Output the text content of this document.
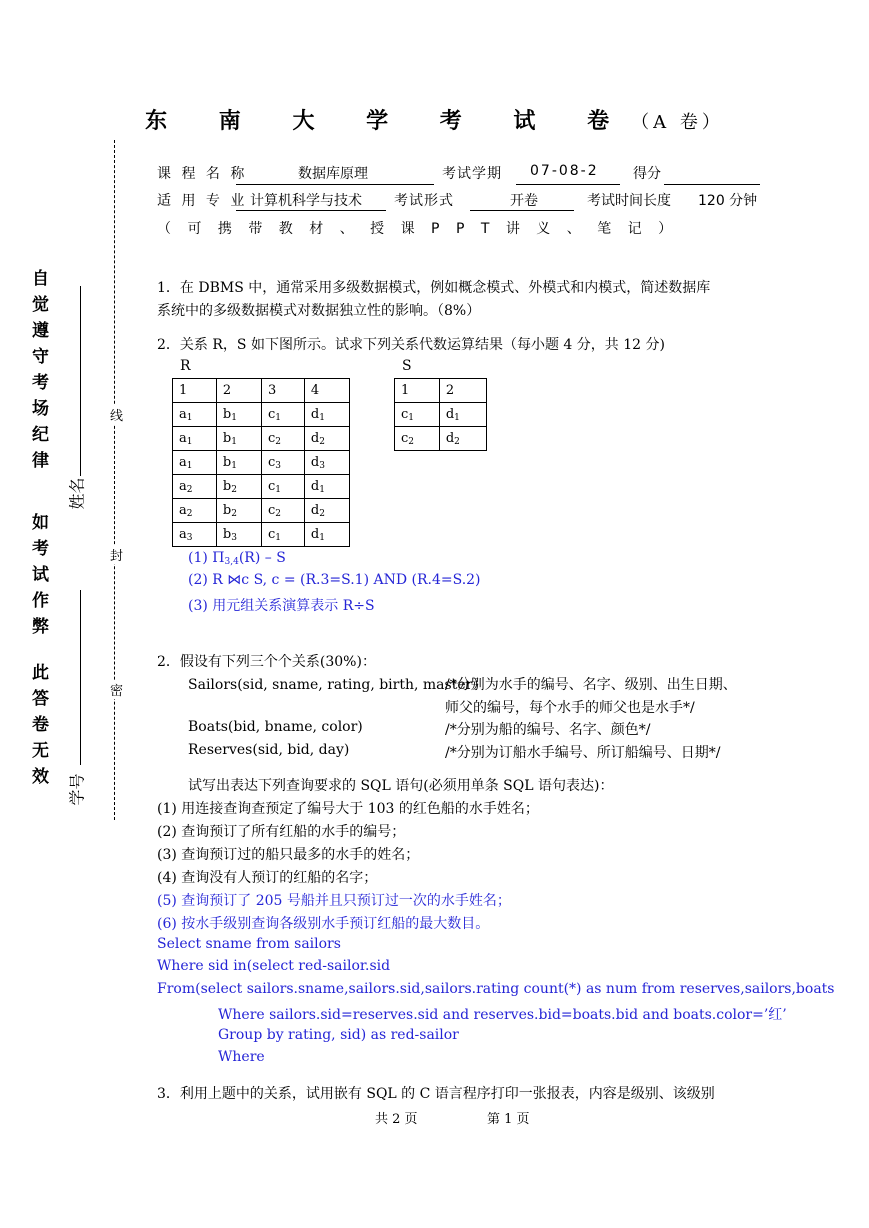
东 南 大 学 考 试 卷（A 卷）
课 程 名 称	数据库原理	考试学期 07-08-2 得分
适 用 专 业 计算机科学与技术 考试形式	开卷	考试时间长度 120 分钟
（ 可 携 带 教 材 、 授 课 P P T 讲 义 、 笔 记 ）
线
封
密
自
觉
遵
守
考
场
纪
律
如
考
试
作
弊
此
答
卷
无
效
姓名
学号
1．在 DBMS 中，通常采用多级数据模式，例如概念模式、外模式和内模式，简述数据库
系统中的多级数据模式对数据独立性的影响。（8%）
2．关系 R，S 如下图所示。试求下列关系代数运算结果（每小题 4 分，共 12 分)
R	S
1	2	3	4
$a_1$	$b_1$	$c_1$	$d_1$
$a_1$	$b_1$	$c_2$	$d_2$
$a_1$	$b_1$	$c_3$	$d_3$
$a_2$	$b_2$	$c_1$	$d_1$
$a_2$	$b_2$	$c_2$	$d_2$
$a_3$	$b_3$	$c_1$	$d_1$
1	2
$c_1$	$d_1$
$c_2$	$d_2$
(1) $\Pi_{3,4}(R)$ – S
(2) R ⋈c S, c = (R.3=S.1) AND (R.4=S.2)
(3) 用元组关系演算表示 R÷S
2．假设有下列三个个关系(30%)：
Sailors(sid, sname, rating, birth, master）
/*分别为水手的编号、名字、级别、出生日期、
师父的编号，每个水手的师父也是水手*/
Boats(bid, bname, color)	/*分别为船的编号、名字、颜色*/
Reserves(sid, bid, day)	/*分别为订船水手编号、所订船编号、日期*/
试写出表达下列查询要求的 SQL 语句(必须用单条 SQL 语句表达)：
(1) 用连接查询查预定了编号大于 103 的红色船的水手姓名；
(2) 查询预订了所有红船的水手的编号；
(3) 查询预订过的船只最多的水手的姓名；
(4) 查询没有人预订的红船的名字；
(5) 查询预订了 205 号船并且只预订过一次的水手姓名；
(6) 按水手级别查询各级别水手预订红船的最大数目。
Select sname from sailors
Where sid in(select red-sailor.sid
From(select sailors.sname,sailors.sid,sailors.rating count(*) as num from reserves,sailors,boats
Where sailors.sid=reserves.sid and reserves.bid=boats.bid and boats.color=’红’
Group by rating, sid) as red-sailor
Where
3．利用上题中的关系，试用嵌有 SQL 的 C 语言程序打印一张报表，内容是级别、该级别
共 2 页	第 1 页
